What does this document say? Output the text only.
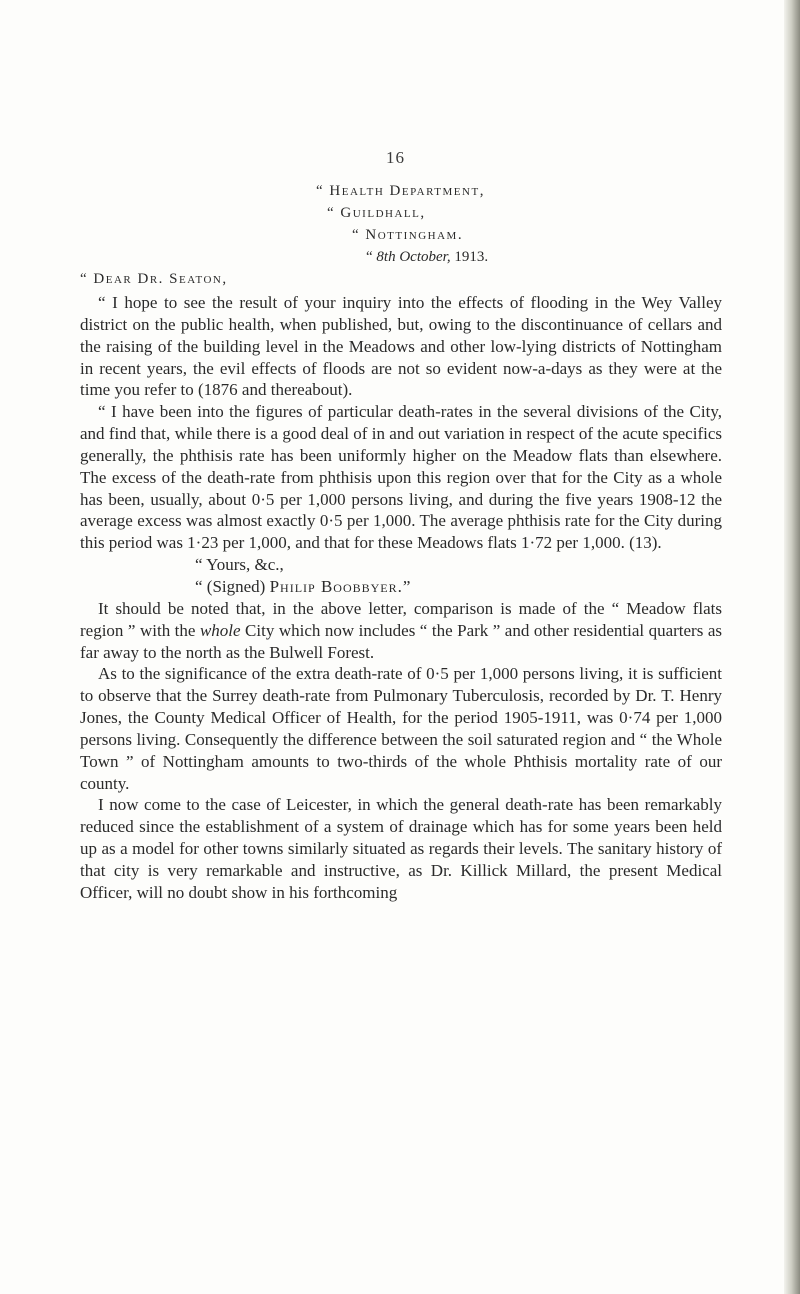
16
“ Health Department,
“ Guildhall,
“ Nottingham.
“ 8th October, 1913.
“ Dear Dr. Seaton,

“ I hope to see the result of your inquiry into the effects of flooding in the Wey Valley district on the public health, when published, but, owing to the discontinuance of cellars and the raising of the building level in the Meadows and other low-lying districts of Nottingham in recent years, the evil effects of floods are not so evident now-a-days as they were at the time you refer to (1876 and thereabout).

“ I have been into the figures of particular death-rates in the several divisions of the City, and find that, while there is a good deal of in and out variation in respect of the acute specifics generally, the phthisis rate has been uniformly higher on the Meadow flats than elsewhere. The excess of the death-rate from phthisis upon this region over that for the City as a whole has been, usually, about 0·5 per 1,000 persons living, and during the five years 1908-12 the average excess was almost exactly 0·5 per 1,000. The average phthisis rate for the City during this period was 1·23 per 1,000, and that for these Meadows flats 1·72 per 1,000. (13).

“ Yours, &c.,

“ (Signed) Philip Boobbyer.”

It should be noted that, in the above letter, comparison is made of the “ Meadow flats region ” with the whole City which now includes “ the Park ” and other residential quarters as far away to the north as the Bulwell Forest.

As to the significance of the extra death-rate of 0·5 per 1,000 persons living, it is sufficient to observe that the Surrey death-rate from Pulmonary Tuberculosis, recorded by Dr. T. Henry Jones, the County Medical Officer of Health, for the period 1905-1911, was 0·74 per 1,000 persons living. Consequently the difference between the soil saturated region and “ the Whole Town ” of Nottingham amounts to two-thirds of the whole Phthisis mortality rate of our county.

I now come to the case of Leicester, in which the general death-rate has been remarkably reduced since the establishment of a system of drainage which has for some years been held up as a model for other towns similarly situated as regards their levels. The sanitary history of that city is very remarkable and instructive, as Dr. Killick Millard, the present Medical Officer, will no doubt show in his forthcoming
